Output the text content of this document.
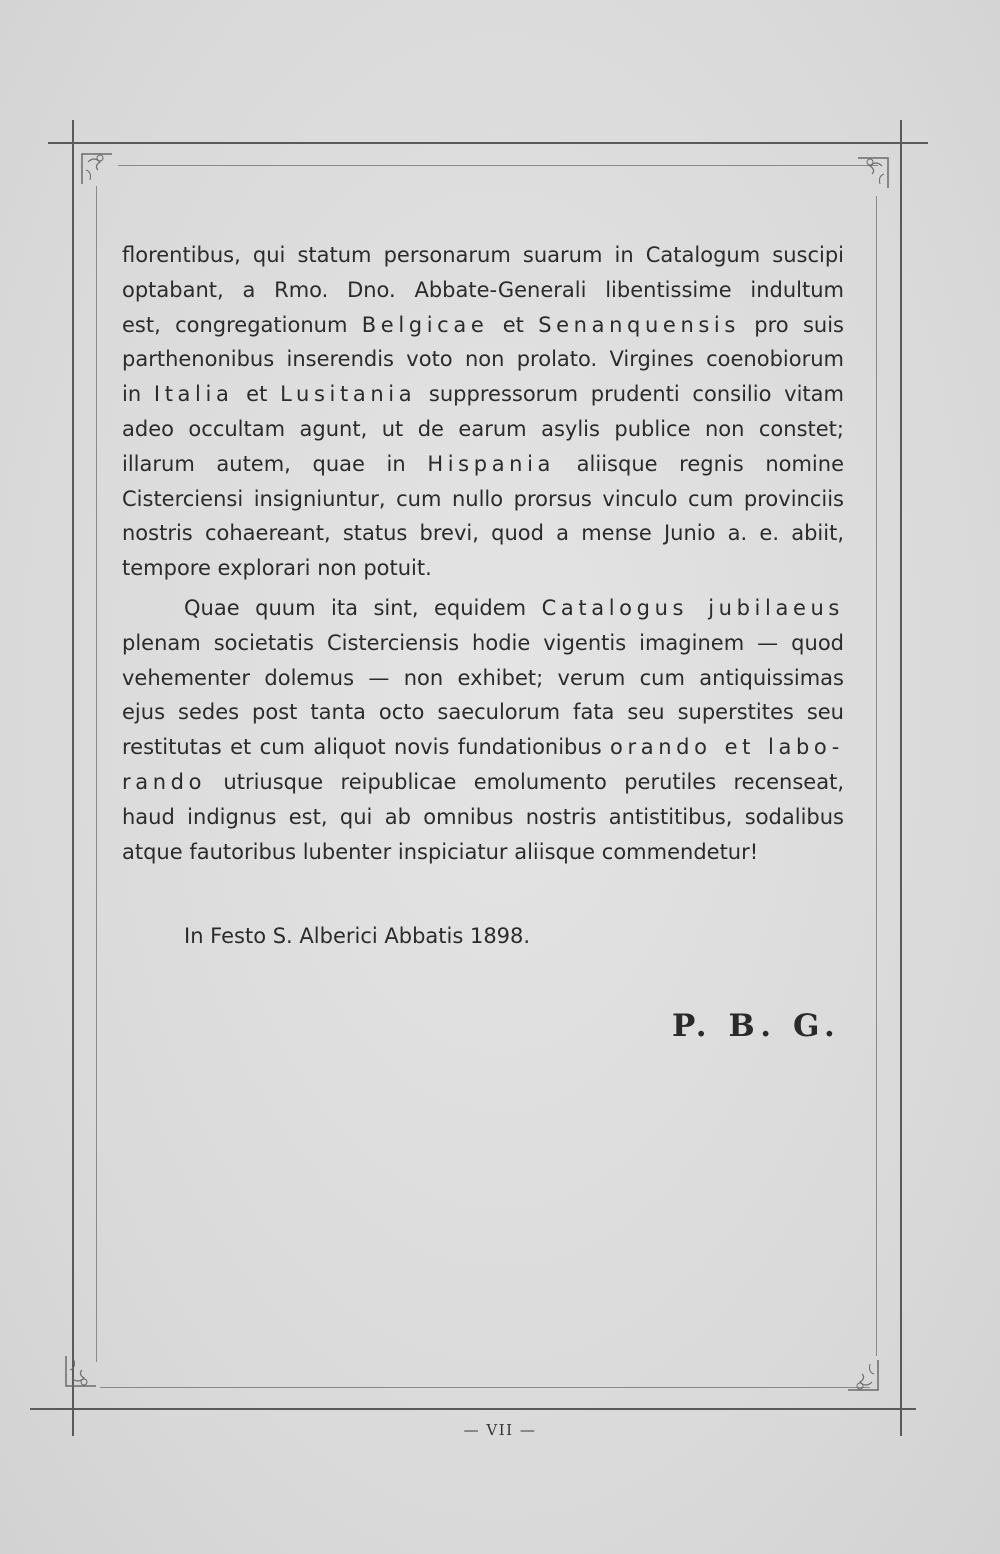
florentibus, qui statum personarum suarum in Catalogum suscipi
optabant, a Rmo. Dno. Abbate-Generali libentissime indultum
est, congregationum Belgicae et Senanquensis pro suis
parthenonibus inserendis voto non prolato. Virgines coenobiorum
in Italia et Lusitania suppressorum prudenti consilio vitam
adeo occultam agunt, ut de earum asylis publice non constet;
illarum autem, quae in Hispania aliisque regnis nomine
Cisterciensi insigniuntur, cum nullo prorsus vinculo cum provinciis
nostris cohaereant, status brevi, quod a mense Junio a. e. abiit,
tempore explorari non potuit.
Quae quum ita sint, equidem Catalogus jubilaeus
plenam societatis Cisterciensis hodie vigentis imaginem — quod
vehementer dolemus — non exhibet; verum cum antiquissimas
ejus sedes post tanta octo saeculorum fata seu superstites seu
restitutas et cum aliquot novis fundationibus orando et labo-
rando utriusque reipublicae emolumento perutiles recenseat,
haud indignus est, qui ab omnibus nostris antistitibus, sodalibus
atque fautoribus lubenter inspiciatur aliisque commendetur!
In Festo S. Alberici Abbatis 1898.
P. B. G.
— VII —
